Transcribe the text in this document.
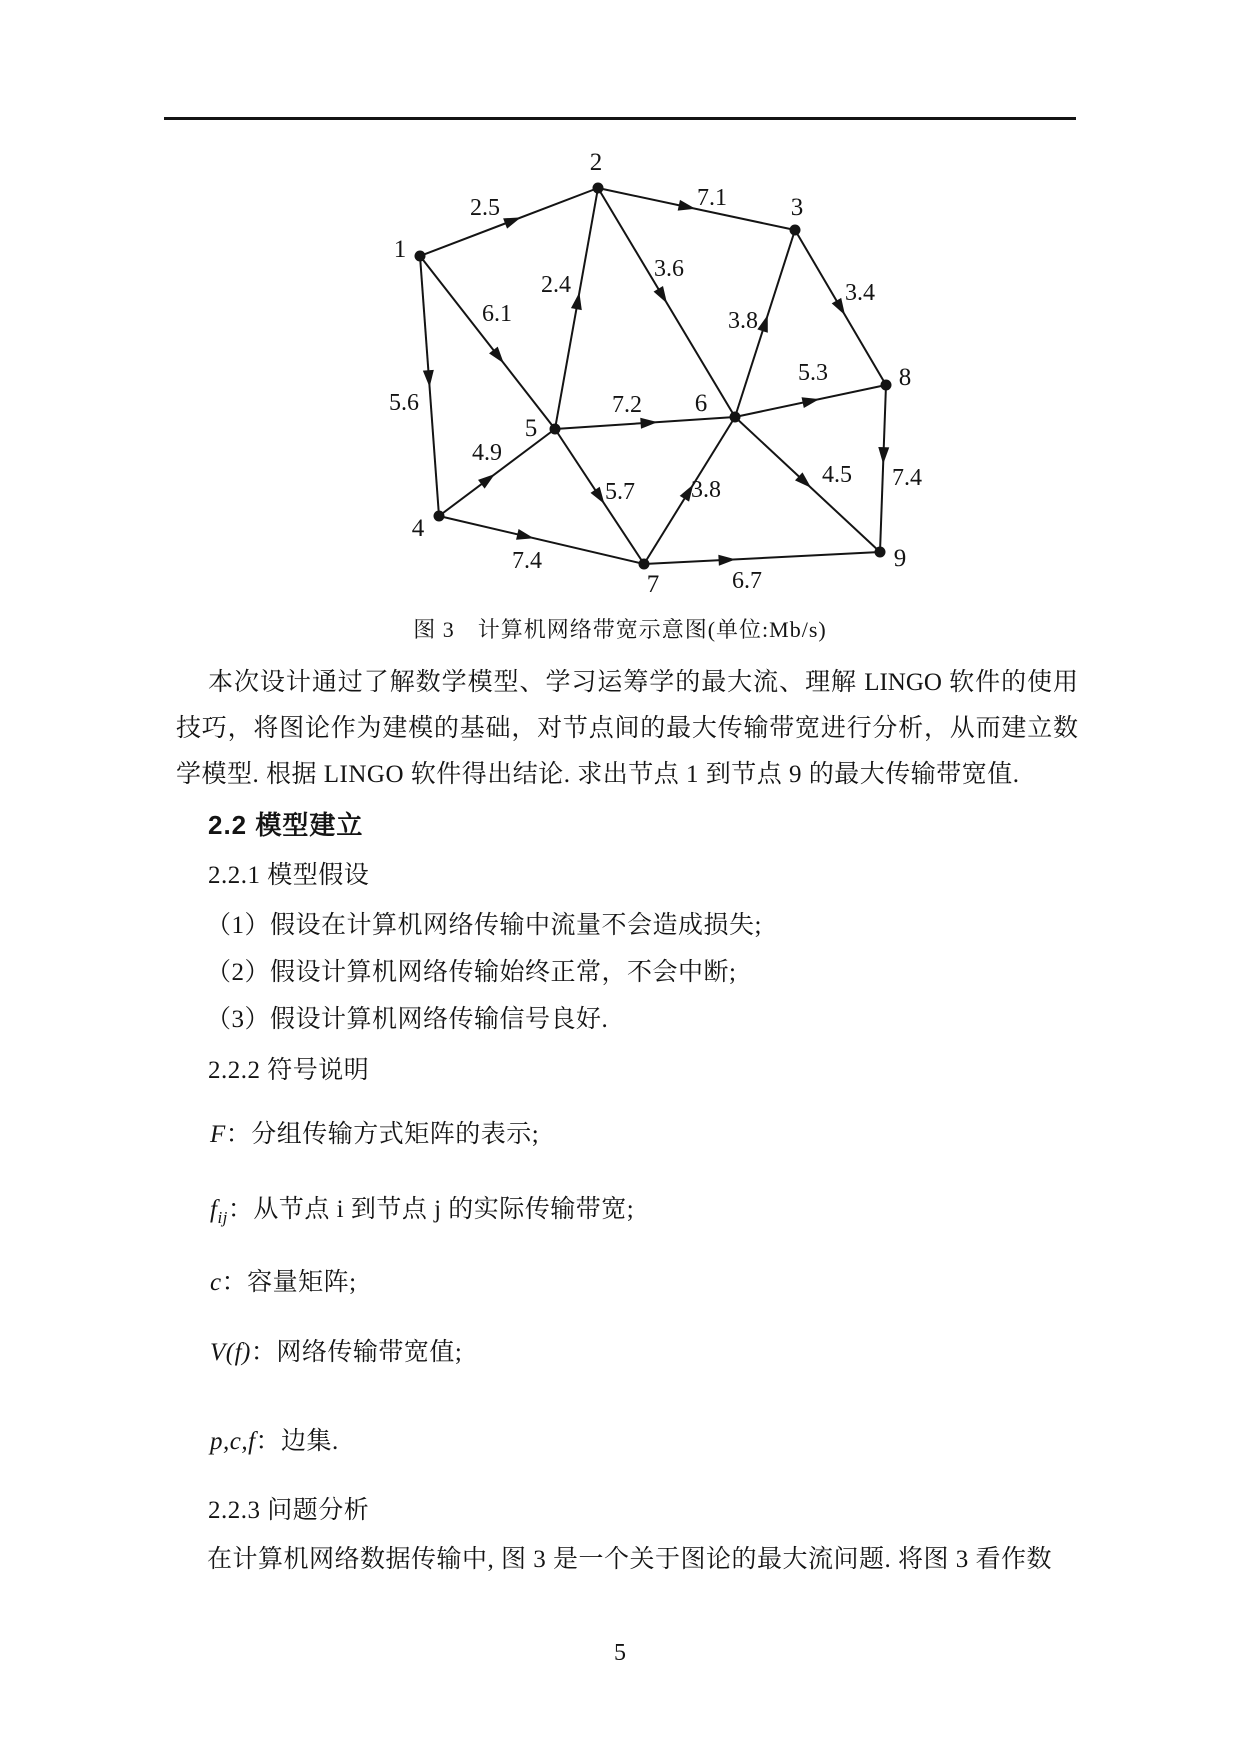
2.5
6.1
5.6
2.4
7.1
3.6
3.8
3.4
7.2
5.3
7.4
4.5
4.9
5.7 3.8
7.4
6.7
1
2
3
4
5
6
7
8
9
图 3　计算机网络带宽示意图(单位:Mb/s)
本次设计通过了解数学模型、学习运筹学的最大流、理解 LINGO 软件的使用
技巧，将图论作为建模的基础，对节点间的最大传输带宽进行分析，从而建立数
学模型. 根据 LINGO 软件得出结论. 求出节点 1 到节点 9 的最大传输带宽值.
2.2 模型建立
2.2.1 模型假设
（1）假设在计算机网络传输中流量不会造成损失;
（2）假设计算机网络传输始终正常，不会中断;
（3）假设计算机网络传输信号良好.
2.2.2 符号说明
F：分组传输方式矩阵的表示;
$f_{ij}$：从节点 i 到节点 j 的实际传输带宽;
c：容量矩阵;
V(f)：网络传输带宽值;
p,c,f：边集.
2.2.3 问题分析
在计算机网络数据传输中, 图 3 是一个关于图论的最大流问题. 将图 3 看作数
5
